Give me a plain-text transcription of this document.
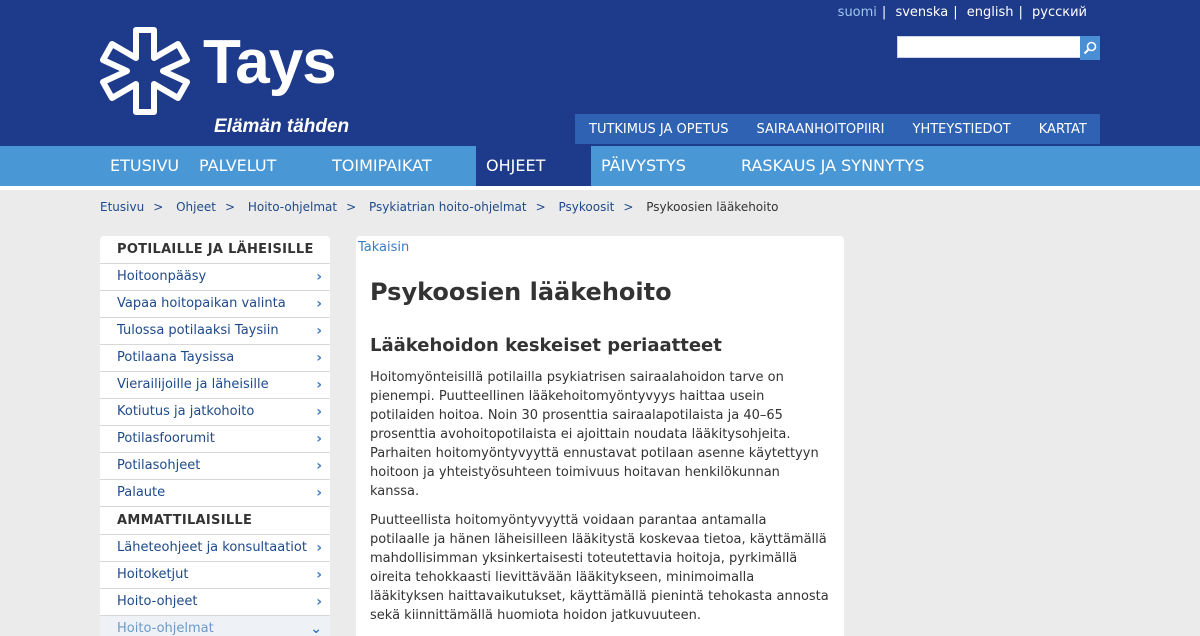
Tays
Elämän tähden
suomi | svenska | english | русский
TUTKIMUS JA OPETUS	SAIRAANHOITOPIIRI	YHTEYSTIEDOT	KARTAT
ETUSIVU PALVELUT	TOIMIPAIKAT	OHJEET	PÄIVYSTYS	RASKAUS JA SYNNYTYS
Etusivu > Ohjeet > Hoito-ohjelmat > Psykiatrian hoito-ohjelmat > Psykoosit > Psykoosien lääkehoito
POTILAILLE JA LÄHEISILLE
Hoitoonpääsy	›
Vapaa hoitopaikan valinta ›
Tulossa potilaaksi Taysiin	›
Potilaana Taysissa	›
Vierailijoille ja läheisille	›
Kotiutus ja jatkohoito	›
Potilasfoorumit	›
Potilasohjeet	›
Palaute	›
AMMATTILAISILLE
Läheteohjeet ja konsultaatiot ›
Hoitoketjut	›
Hoito-ohjeet	›
Hoito-ohjelmat	⌄
Takaisin
Psykoosien lääkehoito
Lääkehoidon keskeiset periaatteet

Hoitomyönteisillä potilailla psykiatrisen sairaalahoidon tarve on pienempi. Puutteellinen lääkehoitomyöntyvyys haittaa usein potilaiden hoitoa. Noin 30 prosenttia sairaalapotilaista ja 40–65 prosenttia avohoitopotilaista ei ajoittain noudata lääkitysohjeita. Parhaiten hoitomyöntyvyyttä ennustavat potilaan asenne käytettyyn hoitoon ja yhteistyösuhteen toimivuus hoitavan henkilökunnan kanssa.

Puutteellista hoitomyöntyvyyttä voidaan parantaa antamalla potilaalle ja hänen läheisilleen lääkitystä koskevaa tietoa, käyttämällä mahdollisimman yksinkertaisesti toteutettavia hoitoja, pyrkimällä oireita tehokkaasti lievittävään lääkitykseen, minimoimalla lääkityksen haittavaikutukset, käyttämällä pienintä tehokasta annosta sekä kiinnittämällä huomiota hoidon jatkuvuuteen.
